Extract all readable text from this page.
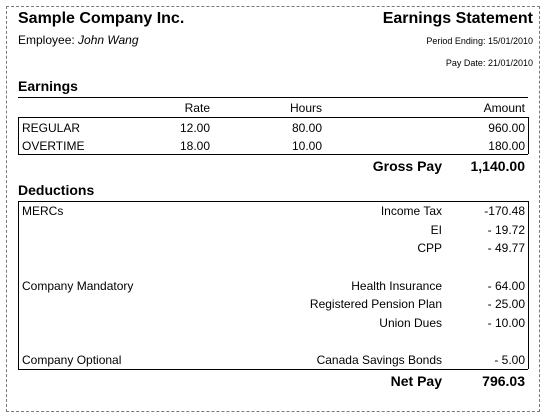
Sample Company Inc.	Earnings Statement
Employee: John Wang	Period Ending: 15/01/2010
Pay Date: 21/01/2010
Earnings
Rate	Hours	Amount
REGULAR	12.00	80.00	960.00
OVERTIME	18.00	10.00	180.00
Gross Pay	1,140.00
Deductions
MERCs	Income Tax	-170.48
EI	- 19.72
CPP	- 49.77
Company Mandatory	Health Insurance	- 64.00
Registered Pension Plan	- 25.00
Union Dues	- 10.00
Company Optional	Canada Savings Bonds	- 5.00
Net Pay	796.03
